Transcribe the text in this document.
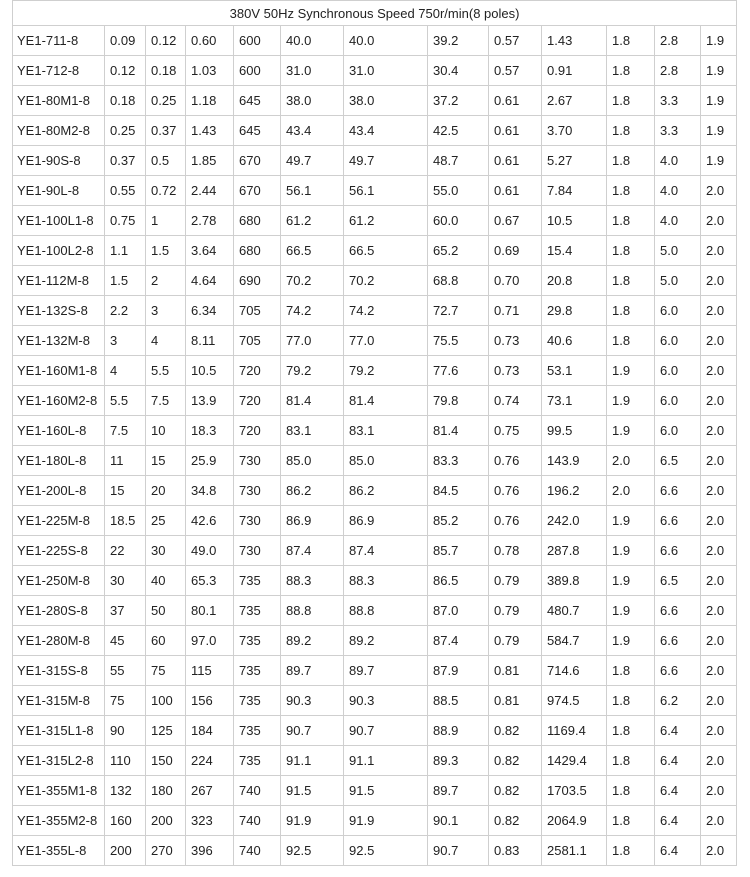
380V 50Hz Synchronous Speed 750r/min(8 poles)												
YE1-711-8	0.09	0.12	0.60	600	40.0	40.0	39.2	0.57	1.43	1.8	2.8	1.9
YE1-712-8	0.12	0.18	1.03	600	31.0	31.0	30.4	0.57	0.91	1.8	2.8	1.9
YE1-80M1-8	0.18	0.25	1.18	645	38.0	38.0	37.2	0.61	2.67	1.8	3.3	1.9
YE1-80M2-8	0.25	0.37	1.43	645	43.4	43.4	42.5	0.61	3.70	1.8	3.3	1.9
YE1-90S-8	0.37	0.5	1.85	670	49.7	49.7	48.7	0.61	5.27	1.8	4.0	1.9
YE1-90L-8	0.55	0.72	2.44	670	56.1	56.1	55.0	0.61	7.84	1.8	4.0	2.0
YE1-100L1-8	0.75	1	2.78	680	61.2	61.2	60.0	0.67	10.5	1.8	4.0	2.0
YE1-100L2-8	1.1	1.5	3.64	680	66.5	66.5	65.2	0.69	15.4	1.8	5.0	2.0
YE1-112M-8	1.5	2	4.64	690	70.2	70.2	68.8	0.70	20.8	1.8	5.0	2.0
YE1-132S-8	2.2	3	6.34	705	74.2	74.2	72.7	0.71	29.8	1.8	6.0	2.0
YE1-132M-8	3	4	8.11	705	77.0	77.0	75.5	0.73	40.6	1.8	6.0	2.0
YE1-160M1-8	4	5.5	10.5	720	79.2	79.2	77.6	0.73	53.1	1.9	6.0	2.0
YE1-160M2-8	5.5	7.5	13.9	720	81.4	81.4	79.8	0.74	73.1	1.9	6.0	2.0
YE1-160L-8	7.5	10	18.3	720	83.1	83.1	81.4	0.75	99.5	1.9	6.0	2.0
YE1-180L-8	11	15	25.9	730	85.0	85.0	83.3	0.76	143.9	2.0	6.5	2.0
YE1-200L-8	15	20	34.8	730	86.2	86.2	84.5	0.76	196.2	2.0	6.6	2.0
YE1-225M-8	18.5	25	42.6	730	86.9	86.9	85.2	0.76	242.0	1.9	6.6	2.0
YE1-225S-8	22	30	49.0	730	87.4	87.4	85.7	0.78	287.8	1.9	6.6	2.0
YE1-250M-8	30	40	65.3	735	88.3	88.3	86.5	0.79	389.8	1.9	6.5	2.0
YE1-280S-8	37	50	80.1	735	88.8	88.8	87.0	0.79	480.7	1.9	6.6	2.0
YE1-280M-8	45	60	97.0	735	89.2	89.2	87.4	0.79	584.7	1.9	6.6	2.0
YE1-315S-8	55	75	115	735	89.7	89.7	87.9	0.81	714.6	1.8	6.6	2.0
YE1-315M-8	75	100	156	735	90.3	90.3	88.5	0.81	974.5	1.8	6.2	2.0
YE1-315L1-8	90	125	184	735	90.7	90.7	88.9	0.82	1169.4	1.8	6.4	2.0
YE1-315L2-8	110	150	224	735	91.1	91.1	89.3	0.82	1429.4	1.8	6.4	2.0
YE1-355M1-8	132	180	267	740	91.5	91.5	89.7	0.82	1703.5	1.8	6.4	2.0
YE1-355M2-8	160	200	323	740	91.9	91.9	90.1	0.82	2064.9	1.8	6.4	2.0
YE1-355L-8	200	270	396	740	92.5	92.5	90.7	0.83	2581.1	1.8	6.4	2.0
